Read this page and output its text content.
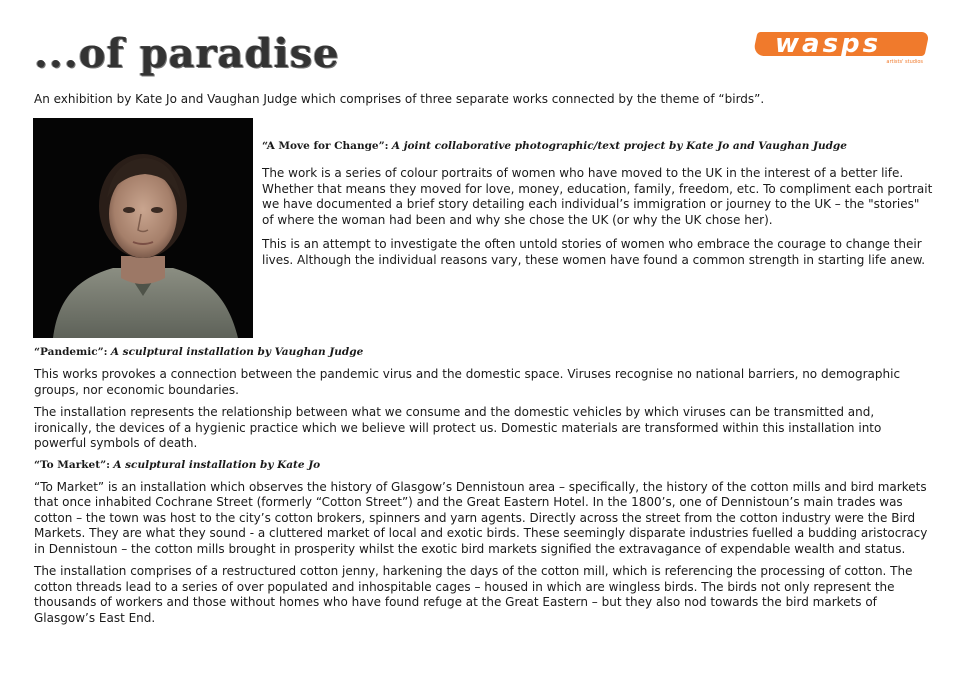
...of paradise	wasps
artists' studios
An exhibition by Kate Jo and Vaughan Judge which comprises of three separate works connected by the theme of “birds”.
“A Move for Change”: A joint collaborative photographic/text project by Kate Jo and Vaughan Judge

The work is a series of colour portraits of women who have moved to the UK in the interest of a better life. Whether that means they moved for love, money, education, family, freedom, etc. To compliment each portrait we have documented a brief story detailing each individual’s immigration or journey to the UK – the "stories" of where the woman had been and why she chose the UK (or why the UK chose her).

This is an attempt to investigate the often untold stories of women who embrace the courage to change their lives. Although the individual reasons vary, these women have found a common strength in starting life anew.

“Pandemic”: A sculptural installation by Vaughan Judge

This works provokes a connection between the pandemic virus and the domestic space. Viruses recognise no national barriers, no demographic groups, nor economic boundaries.

The installation represents the relationship between what we consume and the domestic vehicles by which viruses can be transmitted and, ironically, the devices of a hygienic practice which we believe will protect us. Domestic materials are transformed within this installation into powerful symbols of death.

“To Market”: A sculptural installation by Kate Jo

“To Market” is an installation which observes the history of Glasgow’s Dennistoun area – specifically, the history of the cotton mills and bird markets that once inhabited Cochrane Street (formerly “Cotton Street”) and the Great Eastern Hotel. In the 1800’s, one of Dennistoun’s main trades was cotton – the town was host to the city’s cotton brokers, spinners and yarn agents. Directly across the street from the cotton industry were the Bird Markets. They are what they sound - a cluttered market of local and exotic birds. These seemingly disparate industries fuelled a budding aristocracy in Dennistoun – the cotton mills brought in prosperity whilst the exotic bird markets signified the extravagance of expendable wealth and status.

The installation comprises of a restructured cotton jenny, harkening the days of the cotton mill, which is referencing the processing of cotton. The cotton threads lead to a series of over populated and inhospitable cages – housed in which are wingless birds. The birds not only represent the thousands of workers and those without homes who have found refuge at the Great Eastern – but they also nod towards the bird markets of Glasgow’s East End.
